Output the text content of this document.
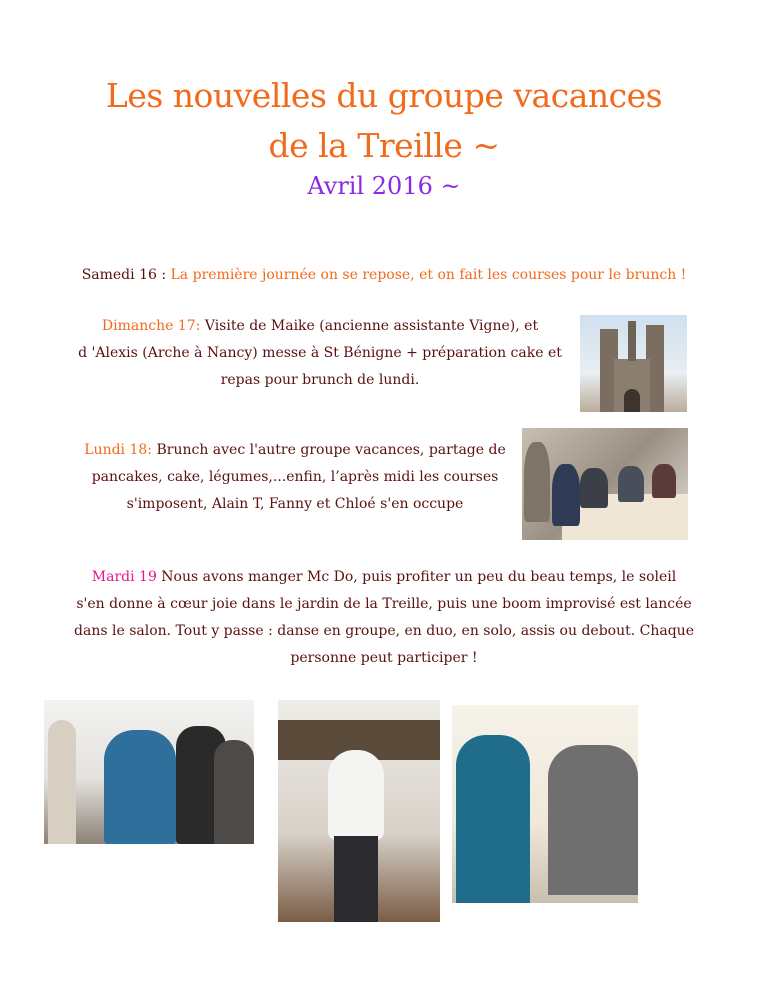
Les nouvelles du groupe vacances
de la Treille ~
Avril 2016 ~
Samedi 16 : La première journée on se repose, et on fait les courses pour le brunch !
Dimanche 17: Visite de Maike (ancienne assistante Vigne), et
d 'Alexis (Arche à Nancy) messe à St Bénigne + préparation cake et
repas pour brunch de lundi.
Lundi 18: Brunch avec l'autre groupe vacances, partage de
pancakes, cake, légumes,...enfin, l’après midi les courses
s'imposent, Alain T, Fanny et Chloé s'en occupe
Mardi 19 Nous avons manger Mc Do, puis profiter un peu du beau temps, le soleil
s'en donne à cœur joie dans le jardin de la Treille, puis une boom improvisé est lancée
dans le salon. Tout y passe : danse en groupe, en duo, en solo, assis ou debout. Chaque
personne peut participer !
